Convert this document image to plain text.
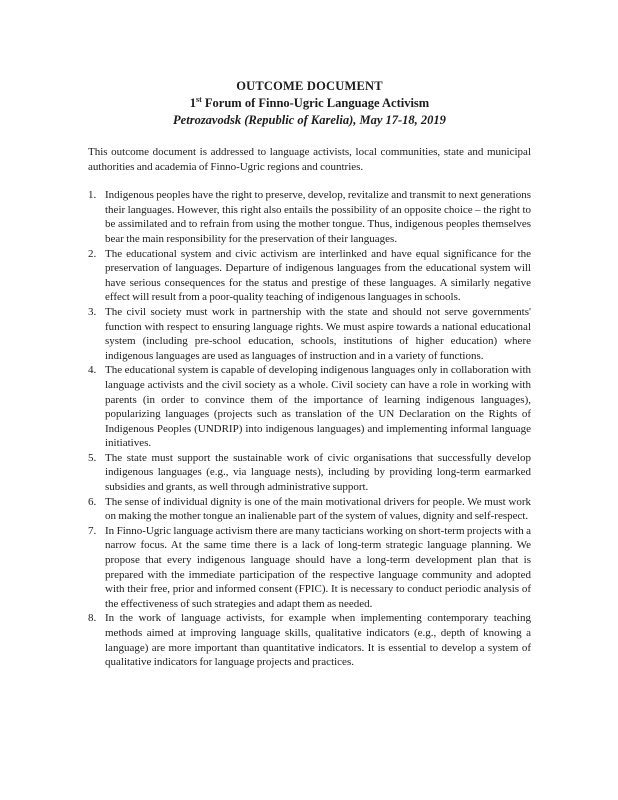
OUTCOME DOCUMENT
1st Forum of Finno-Ugric Language Activism
Petrozavodsk (Republic of Karelia), May 17-18, 2019

This outcome document is addressed to language activists, local communities, state and municipal authorities and academia of Finno-Ugric regions and countries.

1. Indigenous peoples have the right to preserve, develop, revitalize and transmit to next generations their languages. However, this right also entails the possibility of an opposite choice – the right to be assimilated and to refrain from using the mother tongue. Thus, indigenous peoples themselves bear the main responsibility for the preservation of their languages.
2. The educational system and civic activism are interlinked and have equal significance for the preservation of languages. Departure of indigenous languages from the educational system will have serious consequences for the status and prestige of these languages. A similarly negative effect will result from a poor-quality teaching of indigenous languages in schools.
3. The civil society must work in partnership with the state and should not serve governments' function with respect to ensuring language rights. We must aspire towards a national educational system (including pre-school education, schools, institutions of higher education) where indigenous languages are used as languages of instruction and in a variety of functions.
4. The educational system is capable of developing indigenous languages only in collaboration with language activists and the civil society as a whole. Civil society can have a role in working with parents (in order to convince them of the importance of learning indigenous languages), popularizing languages (projects such as translation of the UN Declaration on the Rights of Indigenous Peoples (UNDRIP) into indigenous languages) and implementing informal language initiatives.
5. The state must support the sustainable work of civic organisations that successfully develop indigenous languages (e.g., via language nests), including by providing long-term earmarked subsidies and grants, as well through administrative support.
6. The sense of individual dignity is one of the main motivational drivers for people. We must work on making the mother tongue an inalienable part of the system of values, dignity and self-respect.
7. In Finno-Ugric language activism there are many tacticians working on short-term projects with a narrow focus. At the same time there is a lack of long-term strategic language planning. We propose that every indigenous language should have a long-term development plan that is prepared with the immediate participation of the respective language community and adopted with their free, prior and informed consent (FPIC). It is necessary to conduct periodic analysis of the effectiveness of such strategies and adapt them as needed.
8. In the work of language activists, for example when implementing contemporary teaching methods aimed at improving language skills, qualitative indicators (e.g., depth of knowing a language) are more important than quantitative indicators. It is essential to develop a system of qualitative indicators for language projects and practices.
